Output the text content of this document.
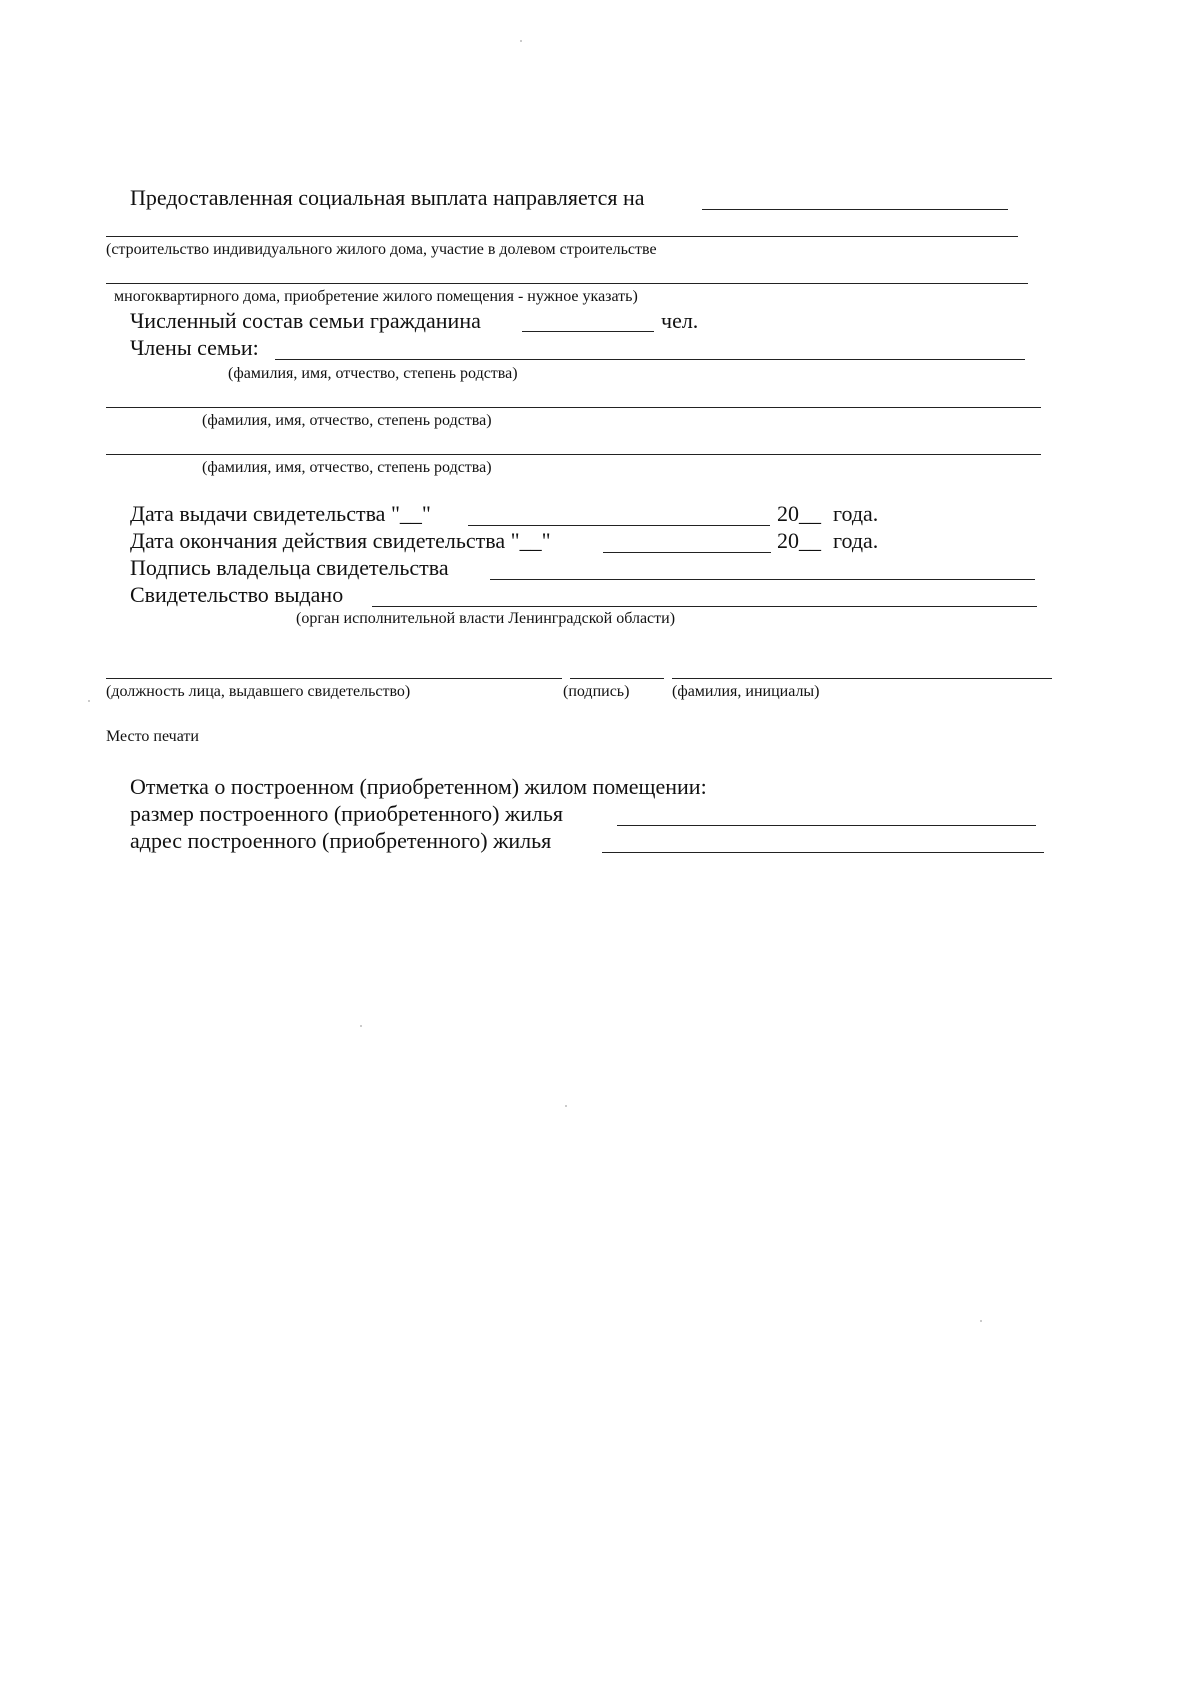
Предоставленная социальная выплата направляется на
(строительство индивидуального жилого дома, участие в долевом строительстве
многоквартирного дома, приобретение жилого помещения - нужное указать)
Численный состав семьи гражданина	чел.
Члены семьи:
(фамилия, имя, отчество, степень родства)
(фамилия, имя, отчество, степень родства)
(фамилия, имя, отчество, степень родства)
Дата выдачи свидетельства "__"	20__ года.
Дата окончания действия свидетельства "__"	20__ года.
Подпись владельца свидетельства
Свидетельство выдано
(орган исполнительной власти Ленинградской области)
(должность лица, выдавшего свидетельство)	(подпись)	(фамилия, инициалы)
Место печати
Отметка о построенном (приобретенном) жилом помещении:
размер построенного (приобретенного) жилья
адрес построенного (приобретенного) жилья
